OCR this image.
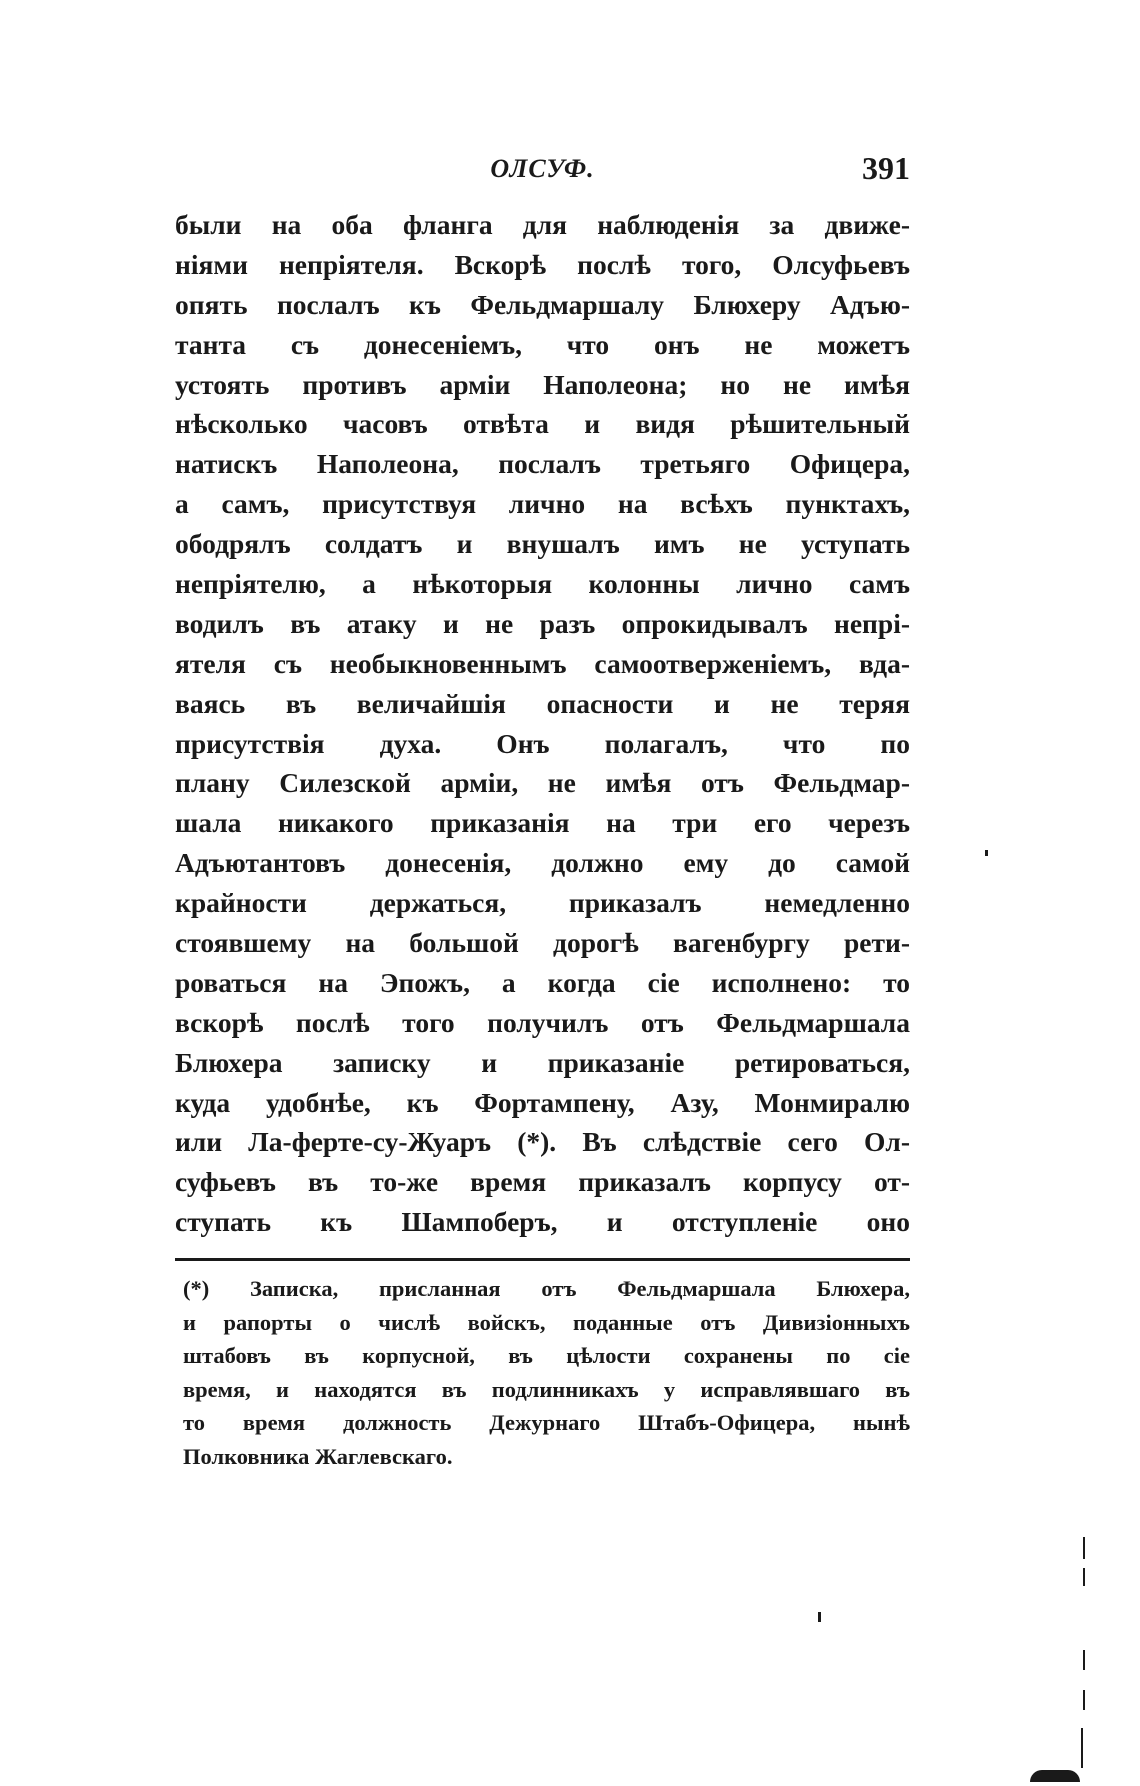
ОЛСУФ.	391
были на оба фланга для наблюденія за движе-
ніями непріятеля. Вскорѣ послѣ того, Олсуфьевъ
опять послалъ къ Фельдмаршалу Блюхеру Адъю-
танта съ донесеніемъ, что онъ не можетъ
устоять противъ арміи Наполеона; но не имѣя
нѣсколько часовъ отвѣта и видя рѣшительный
натискъ Наполеона, послалъ третьяго Офицера,
а самъ, присутствуя лично на всѣхъ пунктахъ,
ободрялъ солдатъ и внушалъ имъ не уступать
непріятелю, а нѣкоторыя колонны лично самъ
водилъ въ атаку и не разъ опрокидывалъ непрі-
ятеля съ необыкновеннымъ самоотверженіемъ, вда-
ваясь въ величайшія опасности и не теряя
присутствія духа. Онъ полагалъ, что по
плану Силезской арміи, не имѣя отъ Фельдмар-
шала никакого приказанія на три его черезъ
Адъютантовъ донесенія, должно ему до самой
крайности держаться, приказалъ немедленно
стоявшему на большой дорогѣ вагенбургу рети-
роваться на Эпожъ, а когда сіе исполнено: то
вскорѣ послѣ того получилъ отъ Фельдмаршала
Блюхера записку и приказаніе ретироваться,
куда удобнѣе, къ Фортампену, Азу, Монмиралю
или Ла-ферте-су-Жуаръ (*). Въ слѣдствіе сего Ол-
суфьевъ въ то-же время приказалъ корпусу от-
ступать къ Шампоберъ, и отступленіе оно
(*) Записка, присланная отъ Фельдмаршала Блюхера,
и рапорты о числѣ войскъ, поданные отъ Дивизіонныхъ
штабовъ въ корпусной, въ цѣлости сохранены по сіе
время, и находятся въ подлинникахъ у исправлявшаго въ
то время должность Дежурнаго Штабъ-Офицера, нынѣ
Полковника Жаглевскаго.
